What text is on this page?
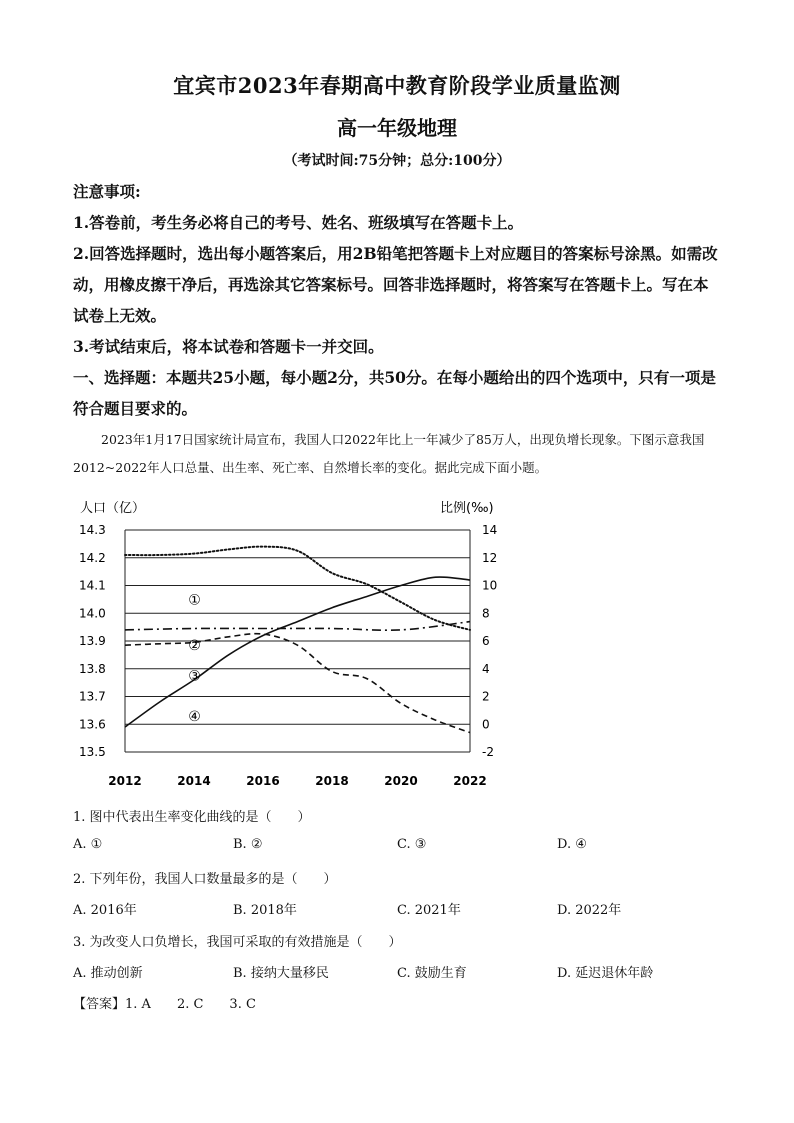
宜宾市2023年春期高中教育阶段学业质量监测
高一年级地理
（考试时间:75分钟；总分:100分）

注意事项:

1.答卷前，考生务必将自己的考号、姓名、班级填写在答题卡上。

2.回答选择题时，选出每小题答案后，用2B铅笔把答题卡上对应题目的答案标号涂黑。如需改动，用橡皮擦干净后，再选涂其它答案标号。回答非选择题时，将答案写在答题卡上。写在本试卷上无效。

3.考试结束后，将本试卷和答题卡一并交回。

一、选择题：本题共25小题，每小题2分，共50分。在每小题给出的四个选项中，只有一项是符合题目要求的。

2023年1月17日国家统计局宣布，我国人口2022年比上一年减少了85万人，出现负增长现象。下图示意我国2012~2022年人口总量、出生率、死亡率、自然增长率的变化。据此完成下面小题。

人口（亿）	比例(‰)
14.3	14
14.2	12
14.1	10
14.0	8
13.9	6
13.8	4
13.7	2
13.6	0
13.5	-2
2012	2014	2016	2018	2020	2022
①
②
③
④
1. 图中代表出生率变化曲线的是（　　）
A. ①	B. ②	C. ③	D. ④
2. 下列年份，我国人口数量最多的是（　　）
A. 2016年	B. 2018年	C. 2021年	D. 2022年
3. 为改变人口负增长，我国可采取的有效措施是（　　）
A. 推动创新	B. 接纳大量移民	C. 鼓励生育	D. 延迟退休年龄
【答案】1. A　　2. C　　3. C
